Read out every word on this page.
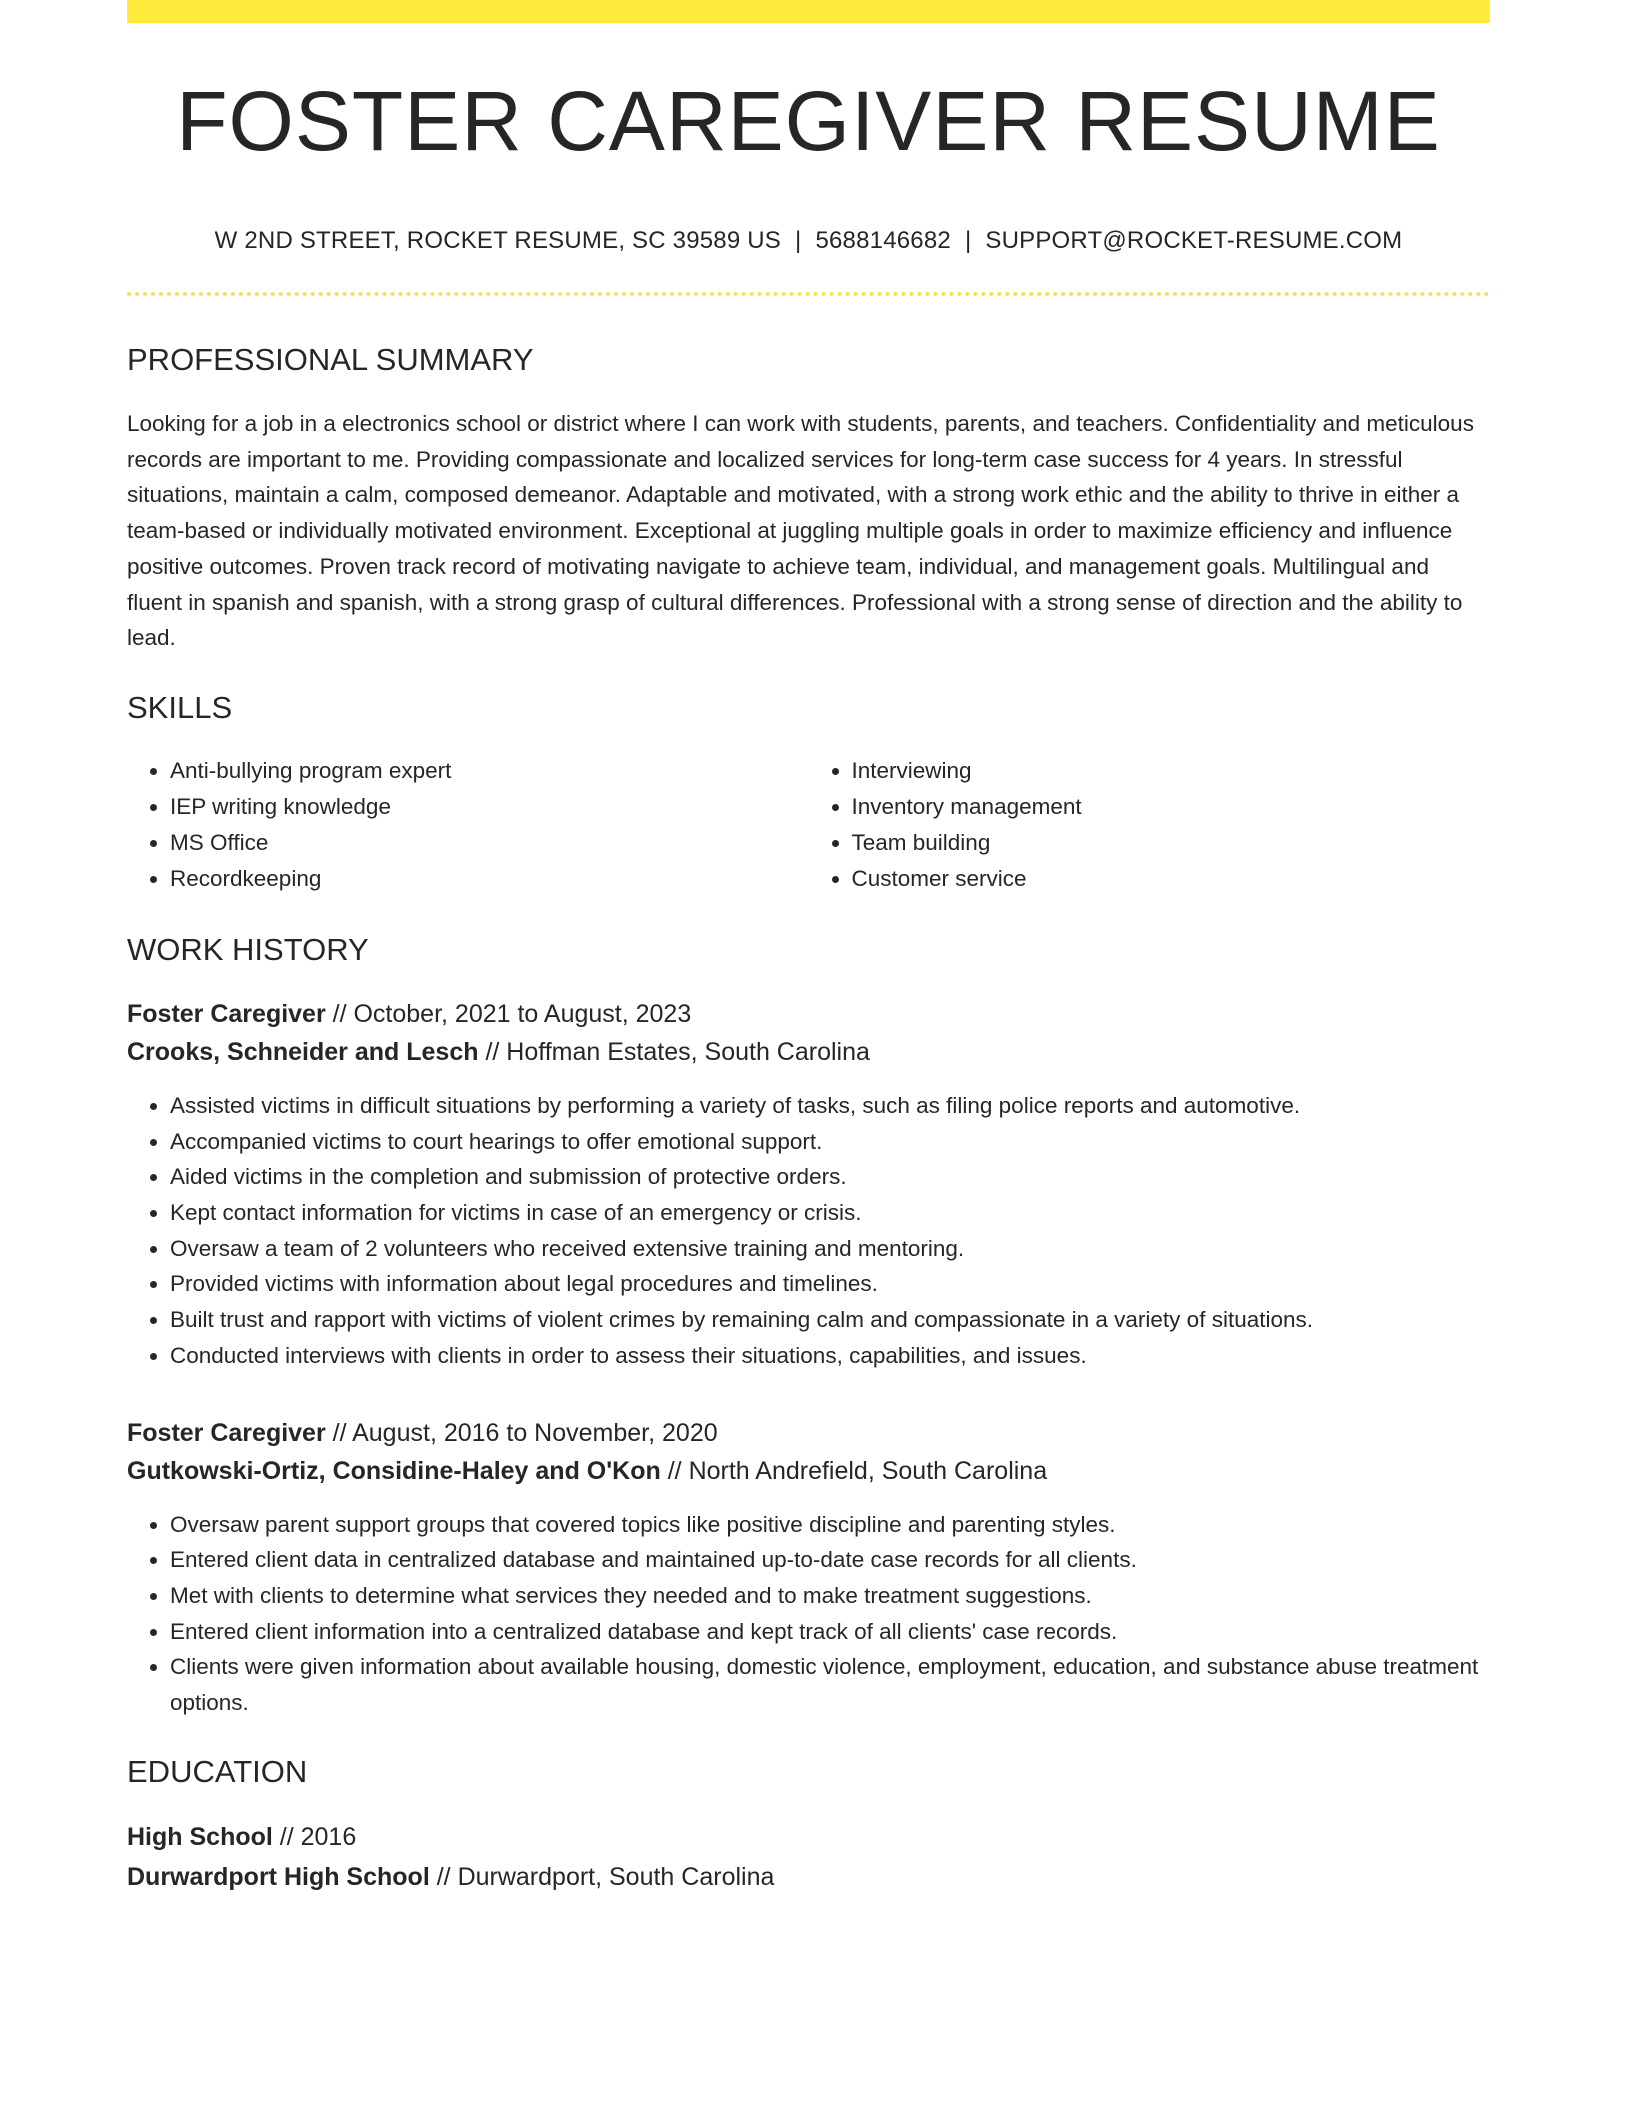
FOSTER CAREGIVER RESUME
W 2ND STREET, ROCKET RESUME, SC 39589 US | 5688146682 | SUPPORT@ROCKET-RESUME.COM
PROFESSIONAL SUMMARY

Looking for a job in a electronics school or district where I can work with students, parents, and teachers. Confidentiality and meticulous records are important to me. Providing compassionate and localized services for long-term case success for 4 years. In stressful situations, maintain a calm, composed demeanor. Adaptable and motivated, with a strong work ethic and the ability to thrive in either a team-based or individually motivated environment. Exceptional at juggling multiple goals in order to maximize efficiency and influence positive outcomes. Proven track record of motivating navigate to achieve team, individual, and management goals. Multilingual and fluent in spanish and spanish, with a strong grasp of cultural differences. Professional with a strong sense of direction and the ability to lead.

SKILLS
• Anti-bullying program expert
• IEP writing knowledge
• MS Office
• Recordkeeping
• Interviewing
• Inventory management
• Team building
• Customer service
WORK HISTORY
Foster Caregiver // October, 2021 to August, 2023
Crooks, Schneider and Lesch // Hoffman Estates, South Carolina
• Assisted victims in difficult situations by performing a variety of tasks, such as filing police reports and automotive.
• Accompanied victims to court hearings to offer emotional support.
• Aided victims in the completion and submission of protective orders.
• Kept contact information for victims in case of an emergency or crisis.
• Oversaw a team of 2 volunteers who received extensive training and mentoring.
• Provided victims with information about legal procedures and timelines.
• Built trust and rapport with victims of violent crimes by remaining calm and compassionate in a variety of situations.
• Conducted interviews with clients in order to assess their situations, capabilities, and issues.
Foster Caregiver // August, 2016 to November, 2020
Gutkowski-Ortiz, Considine-Haley and O'Kon // North Andrefield, South Carolina
• Oversaw parent support groups that covered topics like positive discipline and parenting styles.
• Entered client data in centralized database and maintained up-to-date case records for all clients.
• Met with clients to determine what services they needed and to make treatment suggestions.
• Entered client information into a centralized database and kept track of all clients' case records.
• Clients were given information about available housing, domestic violence, employment, education, and substance abuse treatment options.
EDUCATION
High School // 2016
Durwardport High School // Durwardport, South Carolina
